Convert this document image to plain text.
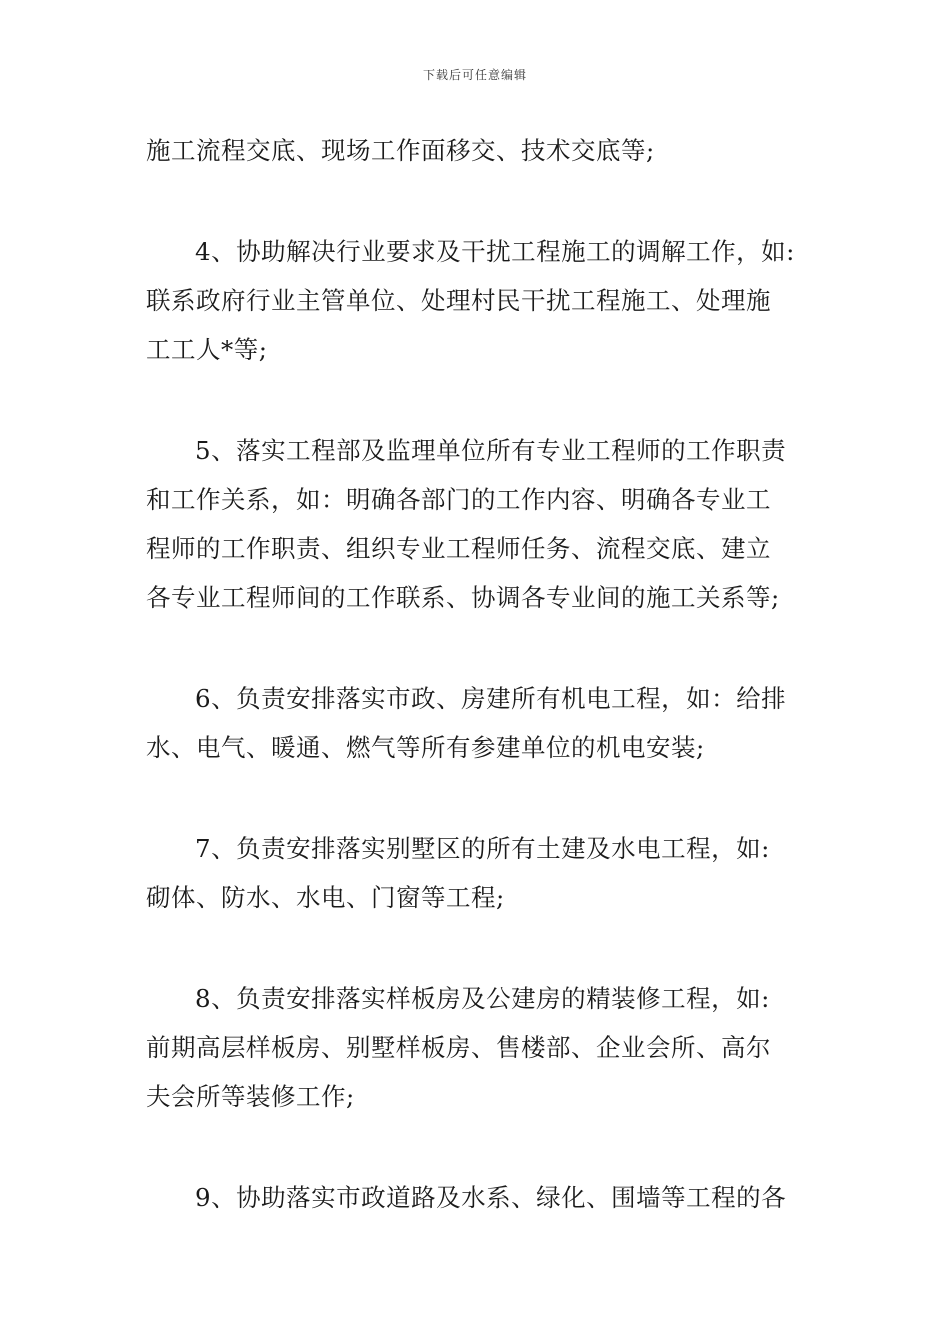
下载后可任意编辑
施工流程交底、现场工作面移交、技术交底等;
4、协助解决行业要求及干扰工程施工的调解工作，如:
联系政府行业主管单位、处理村民干扰工程施工、处理施
工工人*等;
5、落实工程部及监理单位所有专业工程师的工作职责
和工作关系，如：明确各部门的工作内容、明确各专业工
程师的工作职责、组织专业工程师任务、流程交底、建立
各专业工程师间的工作联系、协调各专业间的施工关系等;
6、负责安排落实市政、房建所有机电工程，如：给排
水、电气、暖通、燃气等所有参建单位的机电安装;
7、负责安排落实别墅区的所有土建及水电工程，如:
砌体、防水、水电、门窗等工程;
8、负责安排落实样板房及公建房的精装修工程，如:
前期高层样板房、别墅样板房、售楼部、企业会所、高尔
夫会所等装修工作;
9、协助落实市政道路及水系、绿化、围墙等工程的各
